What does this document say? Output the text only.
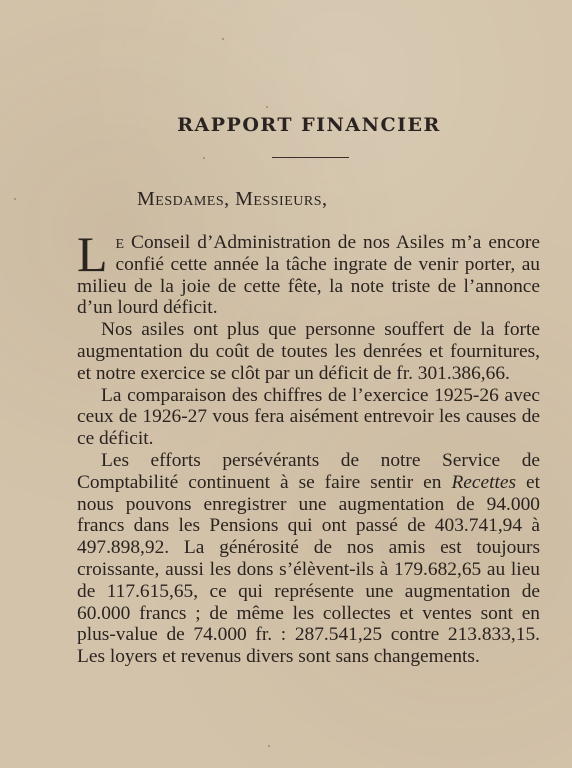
RAPPORT FINANCIER
Mesdames, Messieurs,

Le Conseil d’Administration de nos Asiles m’a encore confié cette année la tâche ingrate de venir porter, au milieu de la joie de cette fête, la note triste de l’annonce d’un lourd déficit.

Nos asiles ont plus que personne souffert de la forte augmentation du coût de toutes les denrées et fournitures, et notre exercice se clôt par un déficit de fr. 301.386,66.

La comparaison des chiffres de l’exercice 1925-26 avec ceux de 1926-27 vous fera aisément entrevoir les causes de ce déficit.

Les efforts persévérants de notre Service de Comptabilité continuent à se faire sentir en Recettes et nous pouvons enregistrer une augmentation de 94.000 francs dans les Pensions qui ont passé de 403.741,94 à 497.898,92. La générosité de nos amis est toujours croissante, aussi les dons s’élèvent-ils à 179.682,65 au lieu de 117.615,65, ce qui représente une augmentation de 60.000 francs ; de même les collectes et ventes sont en plus-value de 74.000 fr. : 287.541,25 contre 213.833,15. Les loyers et revenus divers sont sans changements.
